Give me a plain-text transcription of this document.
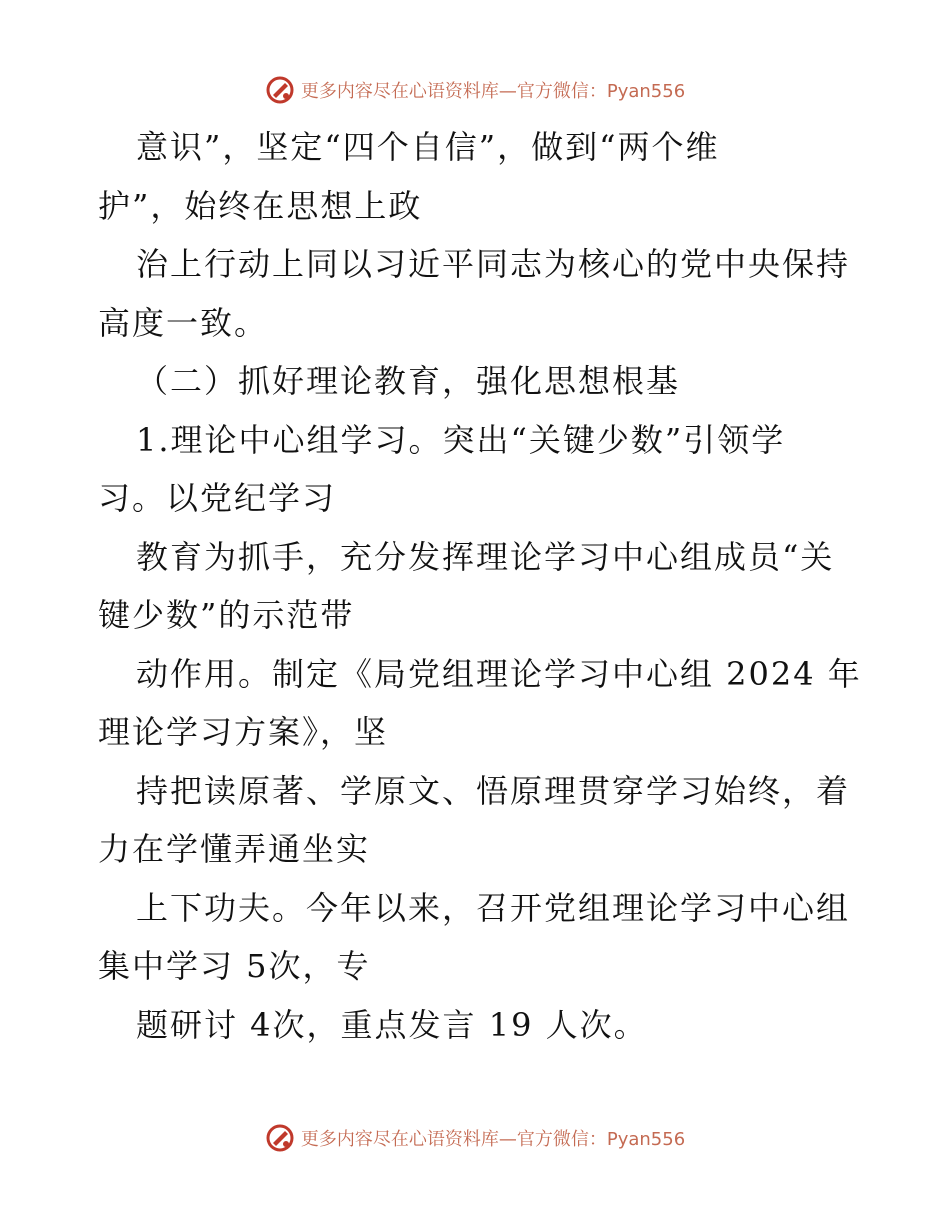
更多内容尽在心语资料库—官方微信：Pyan556
意识”，坚定“四个自信”，做到“两个维
护”，始终在思想上政
治上行动上同以习近平同志为核心的党中央保持
高度一致。
（二）抓好理论教育，强化思想根基
1.理论中心组学习。突出“关键少数”引领学
习。以党纪学习
教育为抓手，充分发挥理论学习中心组成员“关
键少数”的示范带
动作用。制定《局党组理论学习中心组 2024 年
理论学习方案》，坚
持把读原著、学原文、悟原理贯穿学习始终，着
力在学懂弄通坐实
上下功夫。今年以来，召开党组理论学习中心组
集中学习 5次，专
题研讨 4次，重点发言 19 人次。
更多内容尽在心语资料库—官方微信：Pyan556
